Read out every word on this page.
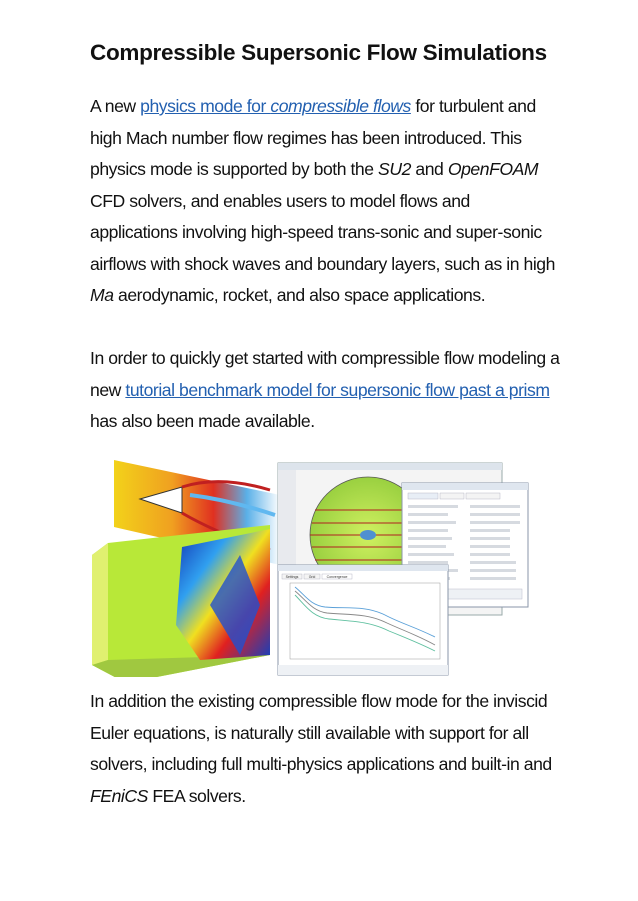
Compressible Supersonic Flow Simulations

A new physics mode for compressible flows for turbulent and high Mach number flow regimes has been introduced. This physics mode is supported by both the SU2 and OpenFOAM CFD solvers, and enables users to model flows and applications involving high-speed trans-sonic and super-sonic airflows with shock waves and boundary layers, such as in high Ma aerodynamic, rocket, and also space applications.

In order to quickly get started with compressible flow modeling a new tutorial benchmark model for supersonic flow past a prism has also been made available.

In addition the existing compressible flow mode for the inviscid Euler equations, is naturally still available with support for all solvers, including full multi-physics applications and built-in and FEniCS FEA solvers.

Settings	Grid	Convergence
